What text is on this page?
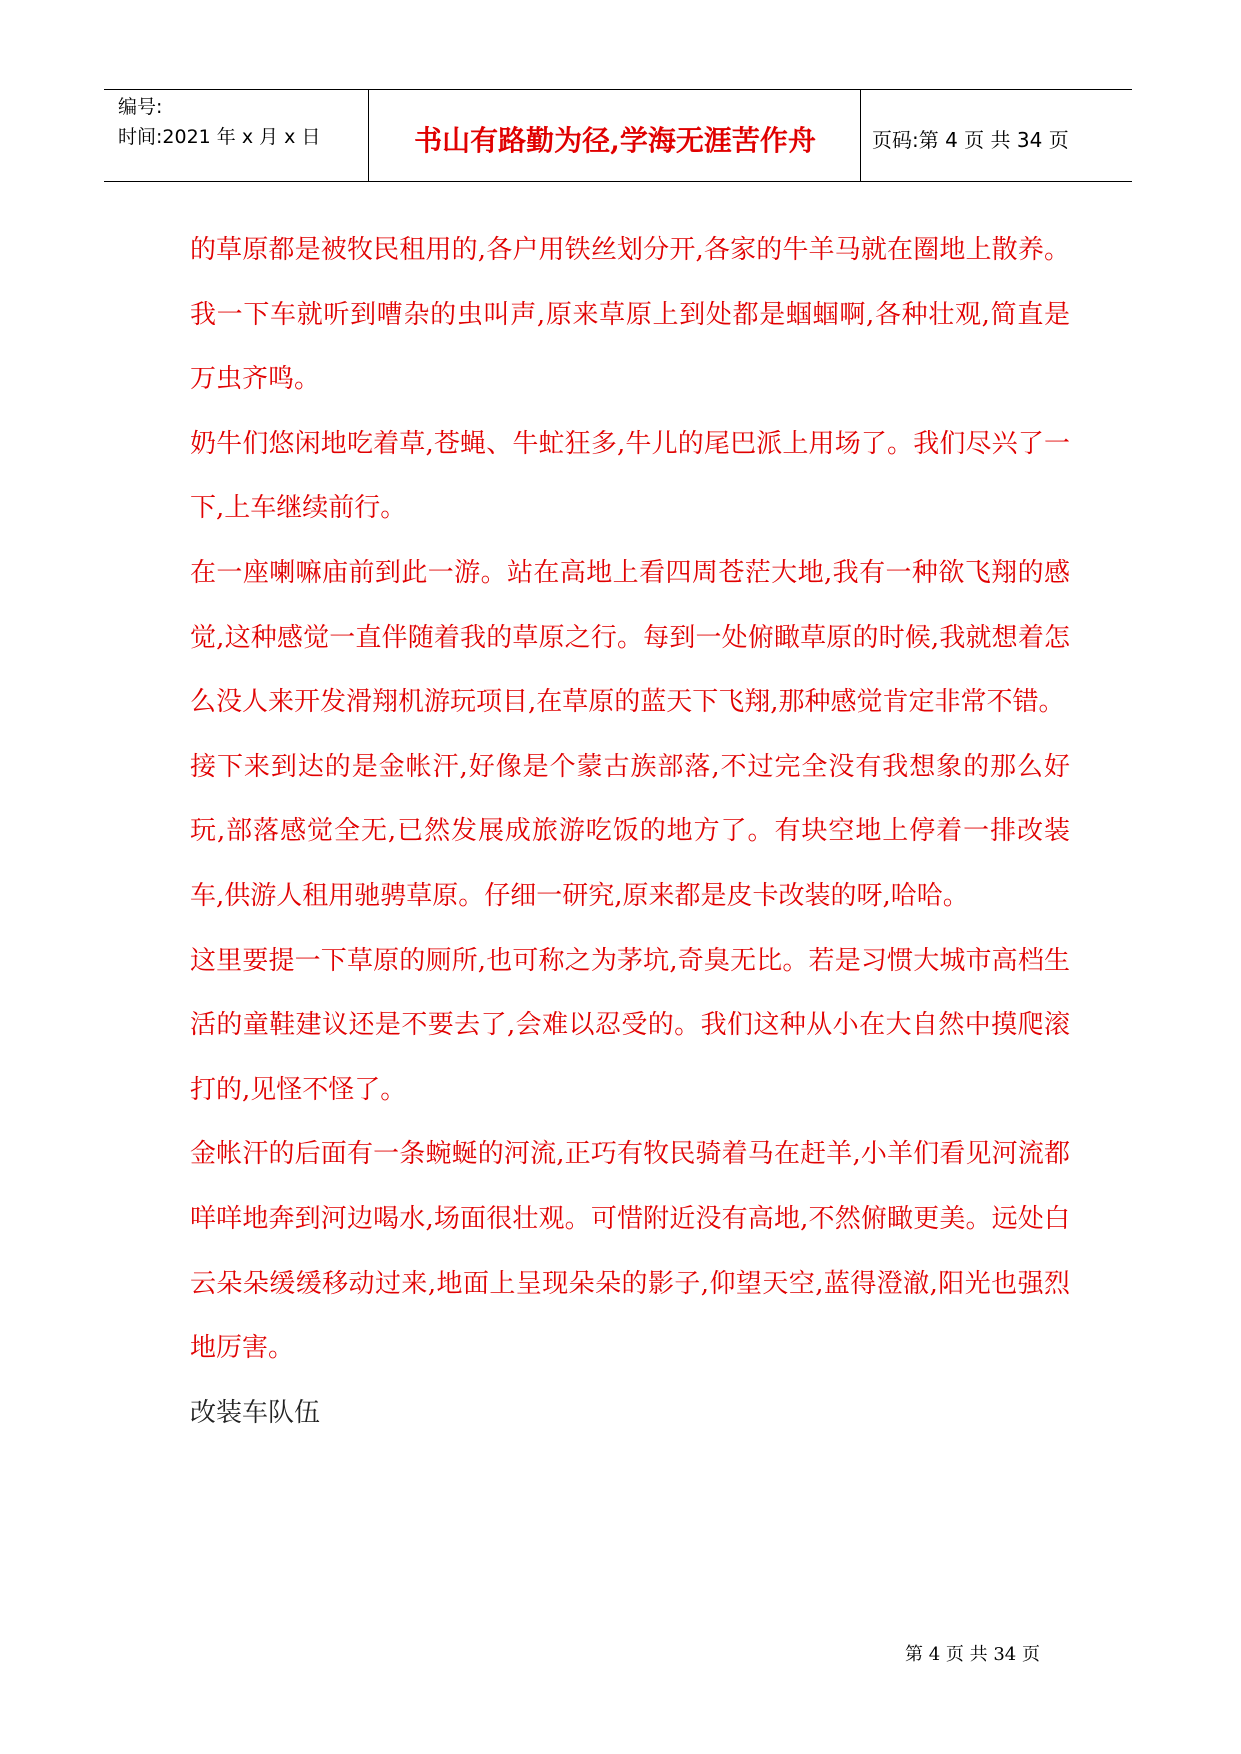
编号:
时间:2021 年 x 月 x 日	书山有路勤为径,学海无涯苦作舟	页码:第 4 页 共 34 页

的草原都是被牧民租用的,各户用铁丝划分开,各家的牛羊马就在圈地上散养。我一下车就听到嘈杂的虫叫声,原来草原上到处都是蝈蝈啊,各种壮观,简直是万虫齐鸣。

奶牛们悠闲地吃着草,苍蝇、牛虻狂多,牛儿的尾巴派上用场了。我们尽兴了一下,上车继续前行。

在一座喇嘛庙前到此一游。站在高地上看四周苍茫大地,我有一种欲飞翔的感觉,这种感觉一直伴随着我的草原之行。每到一处俯瞰草原的时候,我就想着怎么没人来开发滑翔机游玩项目,在草原的蓝天下飞翔,那种感觉肯定非常不错。

接下来到达的是金帐汗,好像是个蒙古族部落,不过完全没有我想象的那么好玩,部落感觉全无,已然发展成旅游吃饭的地方了。有块空地上停着一排改装车,供游人租用驰骋草原。仔细一研究,原来都是皮卡改装的呀,哈哈。

这里要提一下草原的厕所,也可称之为茅坑,奇臭无比。若是习惯大城市高档生活的童鞋建议还是不要去了,会难以忍受的。我们这种从小在大自然中摸爬滚打的,见怪不怪了。

金帐汗的后面有一条蜿蜒的河流,正巧有牧民骑着马在赶羊,小羊们看见河流都咩咩地奔到河边喝水,场面很壮观。可惜附近没有高地,不然俯瞰更美。远处白云朵朵缓缓移动过来,地面上呈现朵朵的影子,仰望天空,蓝得澄澈,阳光也强烈地厉害。

改装车队伍

第 4 页 共 34 页
